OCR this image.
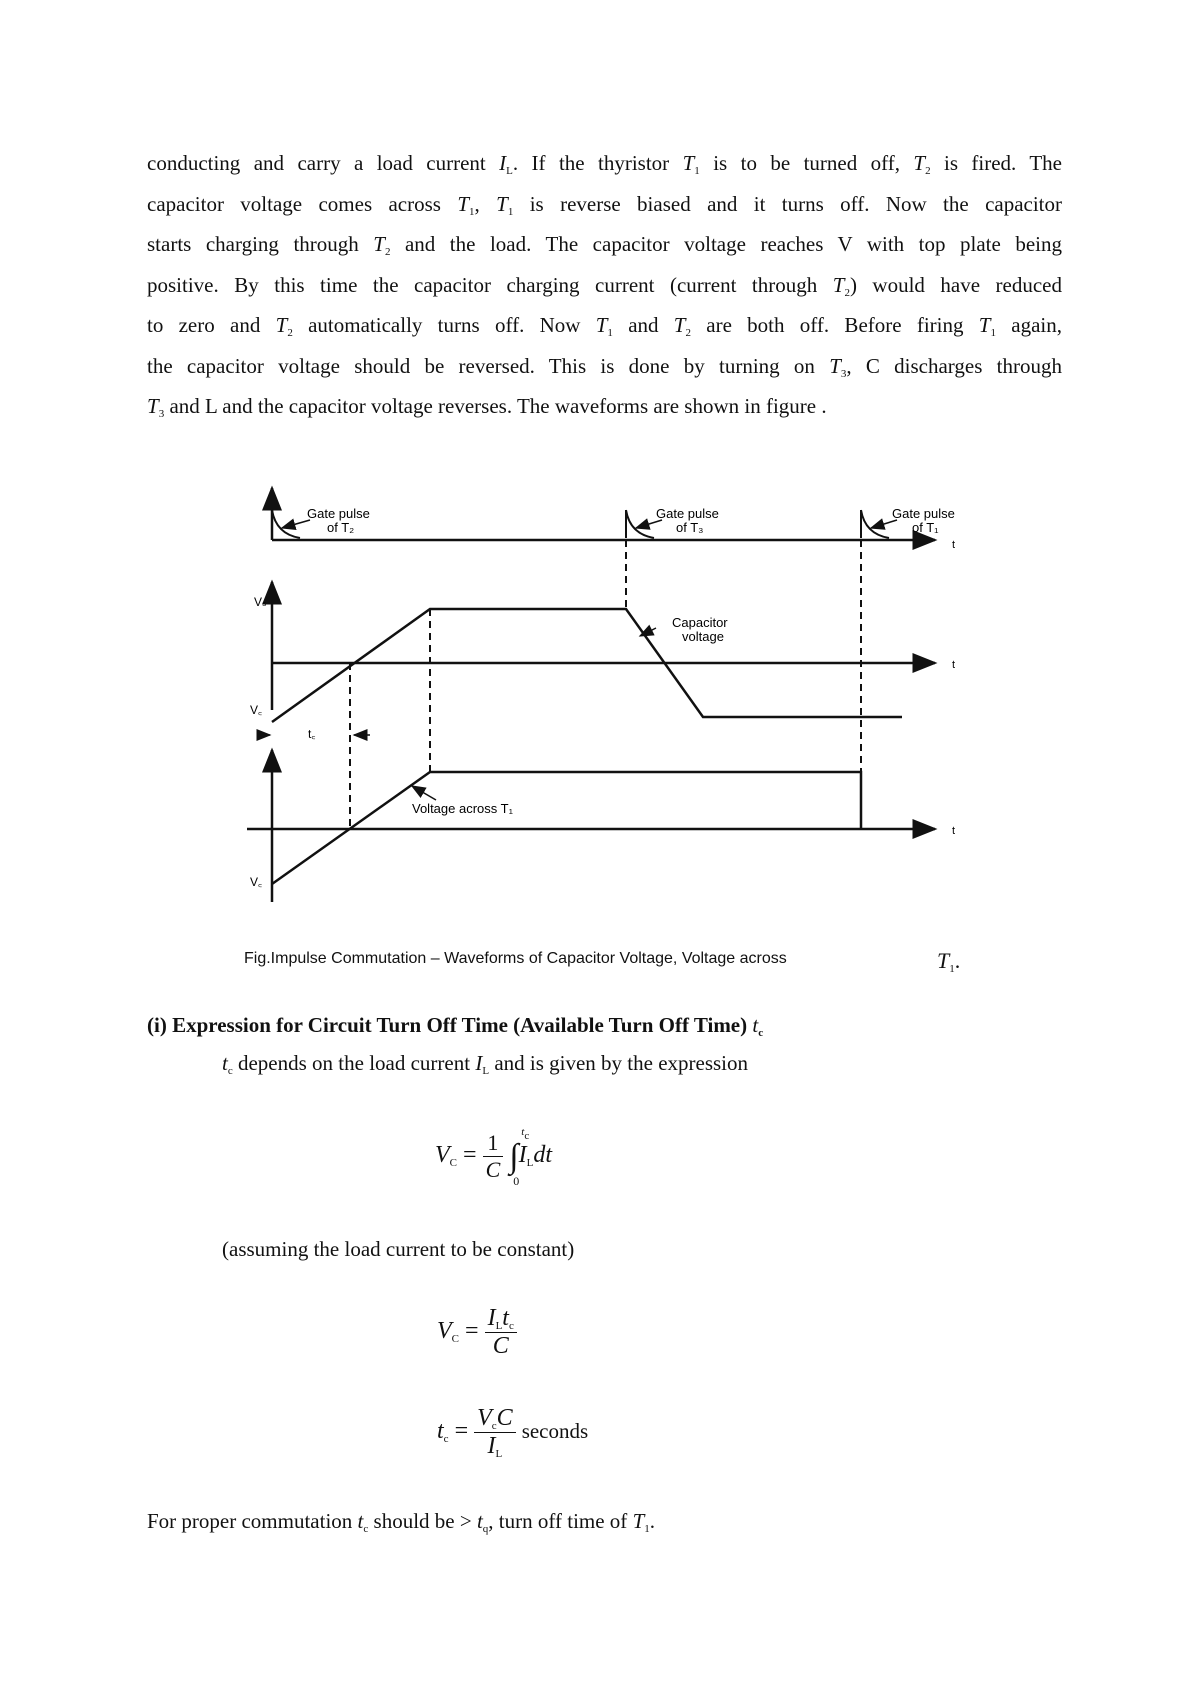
conducting and carry a load current $I_L$. If the thyristor $T_1$ is to be turned off, $T_2$ is fired. The
capacitor voltage comes across $T_1$, $T_1$ is reverse biased and it turns off. Now the capacitor
starts charging through $T_2$ and the load. The capacitor voltage reaches V with top plate being
positive. By this time the capacitor charging current (current through $T_2$) would have reduced
to zero and $T_2$ automatically turns off. Now $T_1$ and $T_2$ are both off. Before firing $T_1$ again,
the capacitor voltage should be reversed. This is done by turning on $T_3$, C discharges through
$T_3$ and L and the capacitor voltage reverses. The waveforms are shown in figure .
Gate pulse
of T₂
Gate pulse
of T₃
Gate pulse
of T₁
t
Vₛ
V꜀
Capacitor
voltage
t
t꜀
Voltage across T₁
V꜀
t
Fig.Impulse Commutation – Waveforms of Capacitor Voltage, Voltage across	$T_1$.
(i) Expression for Circuit Turn Off Time (Available Turn Off Time) $t_c$
$t_c$ depends on the load current $I_L$ and is given by the expression
$V_C = \frac{1}{C}$ ∫
$t_c$
0
$I_Ldt$
(assuming the load current to be constant)
$V_C = \frac{I_Lt_c}{C}$
$t_c = \frac{V_cC}{I_L}$ seconds
For proper commutation $t_c$ should be > $t_q$, turn off time of $T_1$.
